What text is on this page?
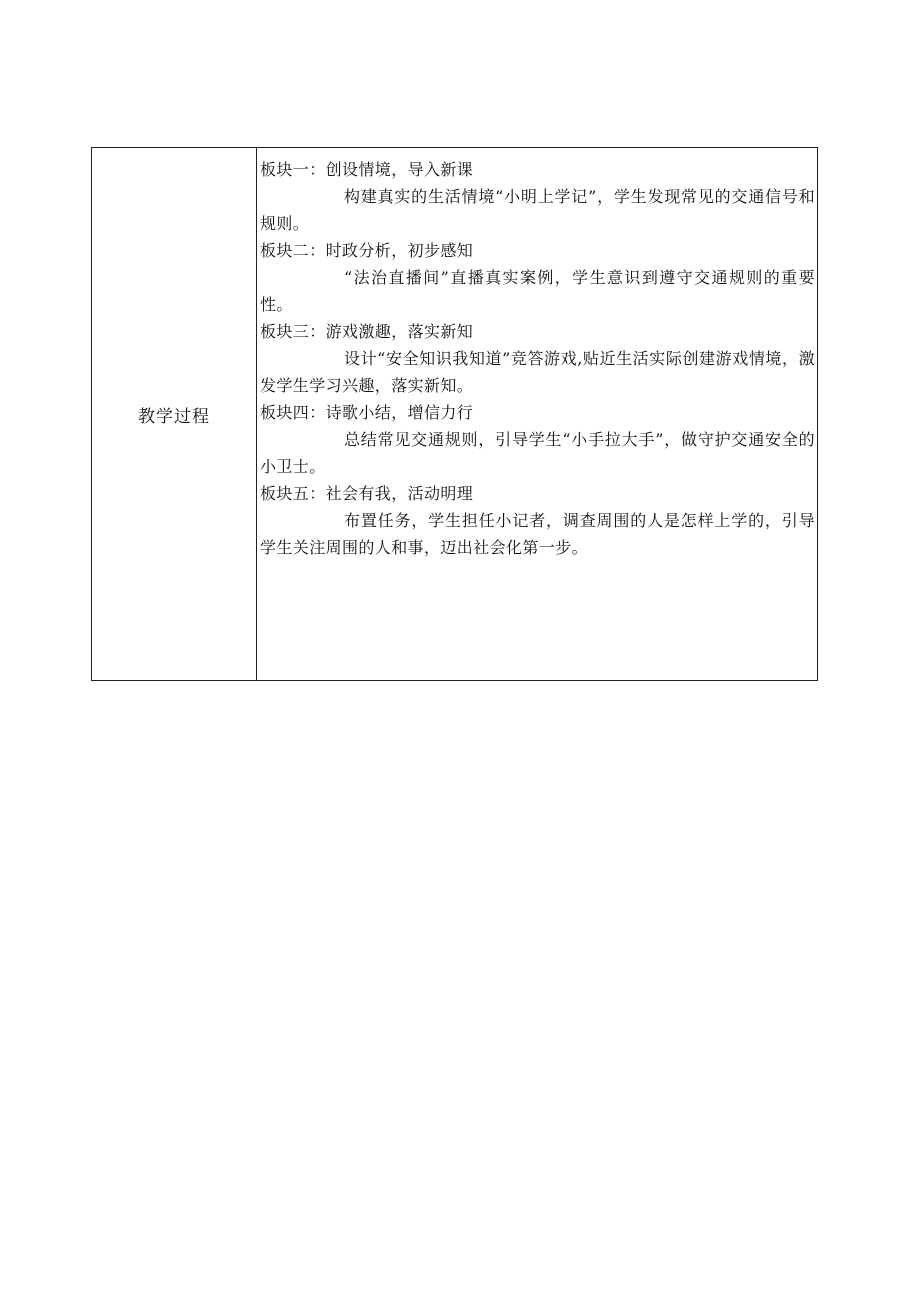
教学过程
板块一：创设情境，导入新课

构建真实的生活情境“小明上学记”，学生发现常见的交通信号和规则。

板块二：时政分析，初步感知

“法治直播间”直播真实案例，学生意识到遵守交通规则的重要性。

板块三：游戏激趣，落实新知

设计“安全知识我知道”竞答游戏,贴近生活实际创建游戏情境，激发学生学习兴趣，落实新知。

板块四：诗歌小结，增信力行

总结常见交通规则，引导学生“小手拉大手”，做守护交通安全的小卫士。

板块五：社会有我，活动明理

布置任务，学生担任小记者，调查周围的人是怎样上学的，引导学生关注周围的人和事，迈出社会化第一步。
